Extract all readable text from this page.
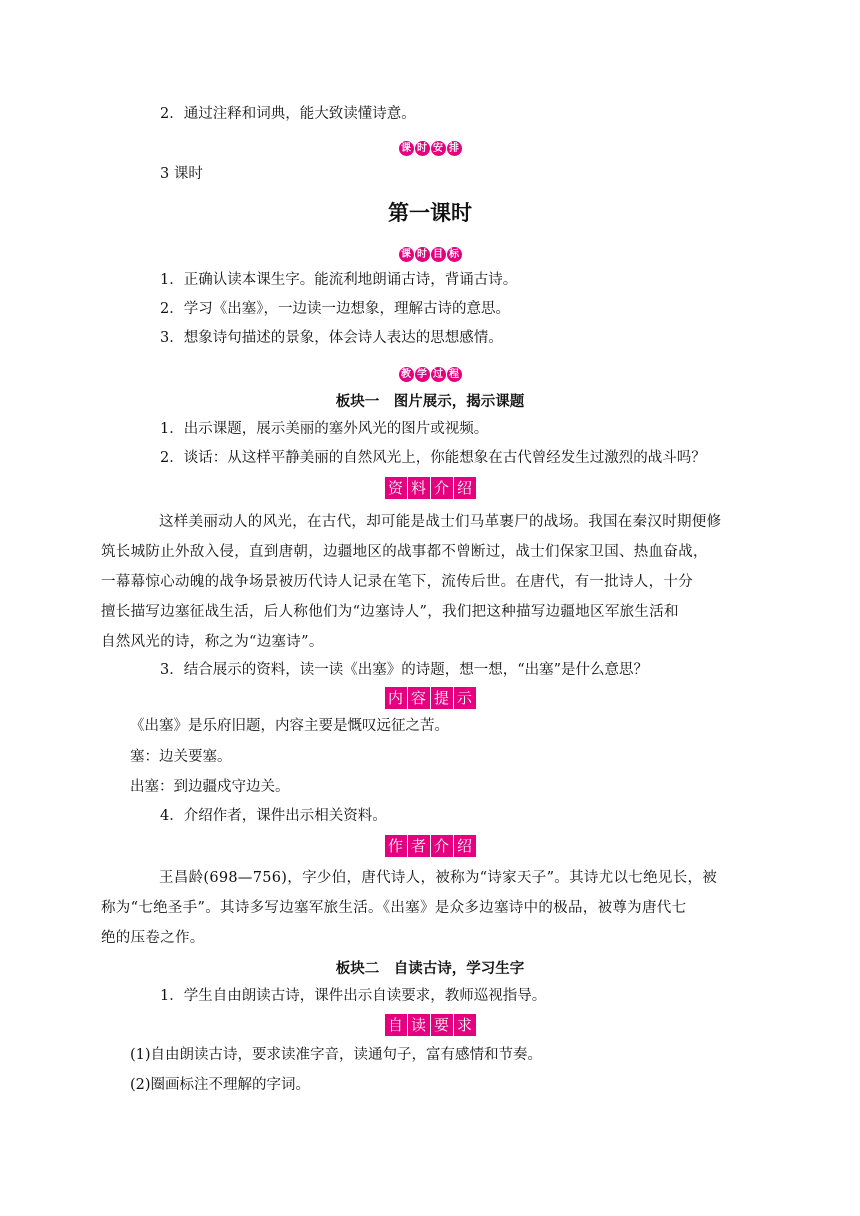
2．通过注释和词典，能大致读懂诗意。
课 时 安 排
3 课时
第一课时
课 时 目 标
1．正确认读本课生字。能流利地朗诵古诗，背诵古诗。
2．学习《出塞》，一边读一边想象，理解古诗的意思。
3．想象诗句描述的景象，体会诗人表达的思想感情。
教 学 过 程
板块一　图片展示，揭示课题
1．出示课题，展示美丽的塞外风光的图片或视频。
2．谈话：从这样平静美丽的自然风光上，你能想象在古代曾经发生过激烈的战斗吗？
资 料 介 绍
这样美丽动人的风光，在古代，却可能是战士们马革裹尸的战场。我国在秦汉时期便修
筑长城防止外敌入侵，直到唐朝，边疆地区的战事都不曾断过，战士们保家卫国、热血奋战，
一幕幕惊心动魄的战争场景被历代诗人记录在笔下，流传后世。在唐代，有一批诗人，十分
擅长描写边塞征战生活，后人称他们为“边塞诗人”，我们把这种描写边疆地区军旅生活和
自然风光的诗，称之为“边塞诗”。
3．结合展示的资料，读一读《出塞》的诗题，想一想，“出塞”是什么意思？
内 容 提 示
《出塞》是乐府旧题，内容主要是慨叹远征之苦。
塞：边关要塞。
出塞：到边疆戍守边关。
4．介绍作者，课件出示相关资料。
作 者 介 绍
王昌龄(698—756)，字少伯，唐代诗人，被称为“诗家天子”。其诗尤以七绝见长，被
称为“七绝圣手”。其诗多写边塞军旅生活。《出塞》是众多边塞诗中的极品，被尊为唐代七
绝的压卷之作。
板块二　自读古诗，学习生字
1．学生自由朗读古诗，课件出示自读要求，教师巡视指导。
自 读 要 求
(1)自由朗读古诗，要求读准字音，读通句子，富有感情和节奏。
(2)圈画标注不理解的字词。
